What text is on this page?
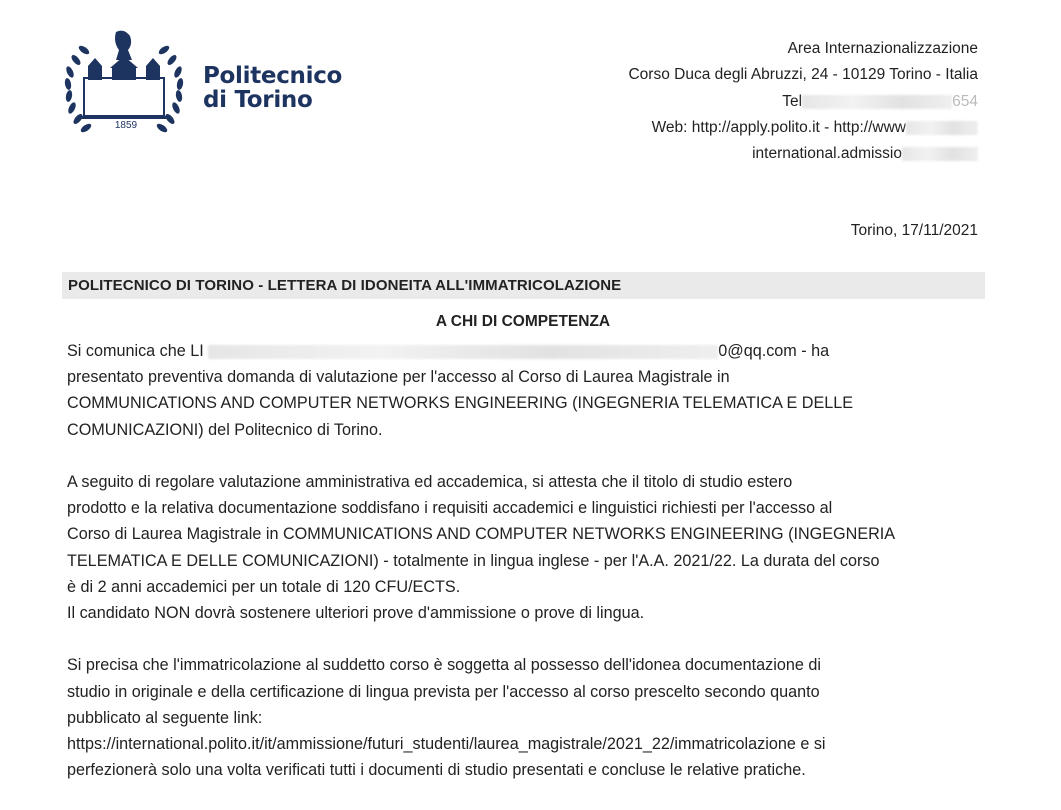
1859
Politecnico
di Torino
Area Internazionalizzazione
Corso Duca degli Abruzzi, 24 - 10129 Torino - Italia
Tel	654
Web: http://apply.polito.it - http://www
international.admissio
Torino, 17/11/2021
POLITECNICO DI TORINO - LETTERA DI IDONEITA ALL'IMMATRICOLAZIONE
A CHI DI COMPETENZA

Si comunica che LI	0@qq.com - ha
presentato preventiva domanda di valutazione per l'accesso al Corso di Laurea Magistrale in
COMMUNICATIONS AND COMPUTER NETWORKS ENGINEERING (INGEGNERIA TELEMATICA E DELLE
COMUNICAZIONI) del Politecnico di Torino.

A seguito di regolare valutazione amministrativa ed accademica, si attesta che il titolo di studio estero
prodotto e la relativa documentazione soddisfano i requisiti accademici e linguistici richiesti per l'accesso al
Corso di Laurea Magistrale in COMMUNICATIONS AND COMPUTER NETWORKS ENGINEERING (INGEGNERIA
TELEMATICA E DELLE COMUNICAZIONI) - totalmente in lingua inglese - per l'A.A. 2021/22. La durata del corso
è di 2 anni accademici per un totale di 120 CFU/ECTS.
Il candidato NON dovrà sostenere ulteriori prove d'ammissione o prove di lingua.

Si precisa che l'immatricolazione al suddetto corso è soggetta al possesso dell'idonea documentazione di
studio in originale e della certificazione di lingua prevista per l'accesso al corso prescelto secondo quanto
pubblicato al seguente link:
https://international.polito.it/it/ammissione/futuri_studenti/laurea_magistrale/2021_22/immatricolazione e si
perfezionerà solo una volta verificati tutti i documenti di studio presentati e concluse le relative pratiche.
